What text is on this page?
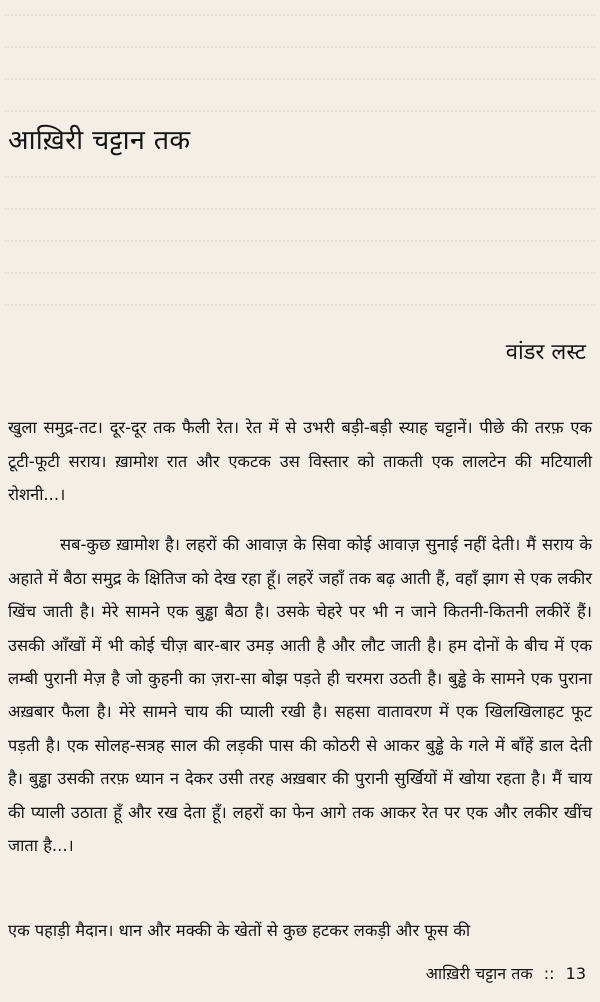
आख़िरी चट्टान तक
वांडर लस्ट

खुला समुद्र-तट। दूर-दूर तक फैली रेत। रेत में से उभरी बड़ी-बड़ी स्याह चट्टानें। पीछे की तरफ़ एक टूटी-फूटी सराय। ख़ामोश रात और एकटक उस विस्तार को ताकती एक लालटेन की मटियाली रोशनी...।

सब-कुछ ख़ामोश है। लहरों की आवाज़ के सिवा कोई आवाज़ सुनाई नहीं देती। मैं सराय के अहाते में बैठा समुद्र के क्षितिज को देख रहा हूँ। लहरें जहाँ तक बढ़ आती हैं, वहाँ झाग से एक लकीर खिंच जाती है। मेरे सामने एक बुड्ढा बैठा है। उसके चेहरे पर भी न जाने कितनी-कितनी लकीरें हैं। उसकी आँखों में भी कोई चीज़ बार-बार उमड़ आती है और लौट जाती है। हम दोनों के बीच में एक लम्बी पुरानी मेज़ है जो कुहनी का ज़रा-सा बोझ पड़ते ही चरमरा उठती है। बुड्ढे के सामने एक पुराना अख़बार फैला है। मेरे सामने चाय की प्याली रखी है। सहसा वातावरण में एक खिलखिलाहट फूट पड़ती है। एक सोलह-सत्रह साल की लड़की पास की कोठरी से आकर बुड्ढे के गले में बाँहें डाल देती है। बुड्ढा उसकी तरफ़ ध्यान न देकर उसी तरह अख़बार की पुरानी सुर्खियों में खोया रहता है। मैं चाय की प्याली उठाता हूँ और रख देता हूँ। लहरों का फेन आगे तक आकर रेत पर एक और लकीर खींच जाता है...।

एक पहाड़ी मैदान। धान और मक्की के खेतों से कुछ हटकर लकड़ी और फूस की

आख़िरी चट्टान तक :: 13
